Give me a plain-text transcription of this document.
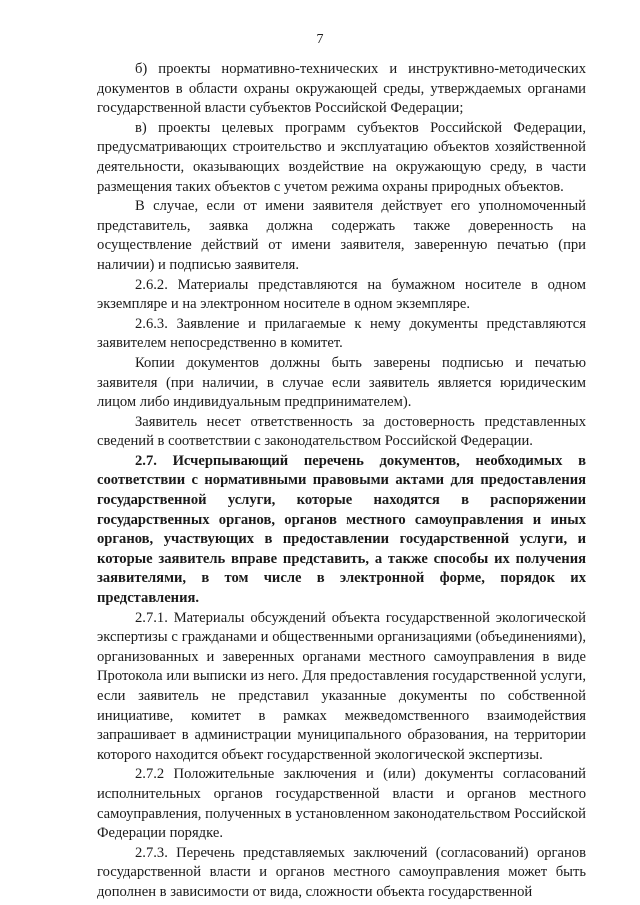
7

б) проекты нормативно-технических и инструктивно-методических документов в области охраны окружающей среды, утверждаемых органами государственной власти субъектов Российской Федерации;

в) проекты целевых программ субъектов Российской Федерации, предусматривающих строительство и эксплуатацию объектов хозяйственной деятельности, оказывающих воздействие на окружающую среду, в части размещения таких объектов с учетом режима охраны природных объектов.

В случае, если от имени заявителя действует его уполномоченный представитель, заявка должна содержать также доверенность на осуществление действий от имени заявителя, заверенную печатью (при наличии) и подписью заявителя.

2.6.2. Материалы представляются на бумажном носителе в одном экземпляре и на электронном носителе в одном экземпляре.

2.6.3. Заявление и прилагаемые к нему документы представляются заявителем непосредственно в комитет.

Копии документов должны быть заверены подписью и печатью заявителя (при наличии, в случае если заявитель является юридическим лицом либо индивидуальным предпринимателем).

Заявитель несет ответственность за достоверность представленных сведений в соответствии с законодательством Российской Федерации.

2.7. Исчерпывающий перечень документов, необходимых в соответствии с нормативными правовыми актами для предоставления государственной услуги, которые находятся в распоряжении государственных органов, органов местного самоуправления и иных органов, участвующих в предоставлении государственной услуги, и которые заявитель вправе представить, а также способы их получения заявителями, в том числе в электронной форме, порядок их представления.

2.7.1. Материалы обсуждений объекта государственной экологической экспертизы с гражданами и общественными организациями (объединениями), организованных и заверенных органами местного самоуправления в виде Протокола или выписки из него. Для предоставления государственной услуги, если заявитель не представил указанные документы по собственной инициативе, комитет в рамках межведомственного взаимодействия запрашивает в администрации муниципального образования, на территории которого находится объект государственной экологической экспертизы.

2.7.2 Положительные заключения и (или) документы согласований исполнительных органов государственной власти и органов местного самоуправления, полученных в установленном законодательством Российской Федерации порядке.

2.7.3. Перечень представляемых заключений (согласований) органов государственной власти и органов местного самоуправления может быть дополнен в зависимости от вида, сложности объекта государственной
